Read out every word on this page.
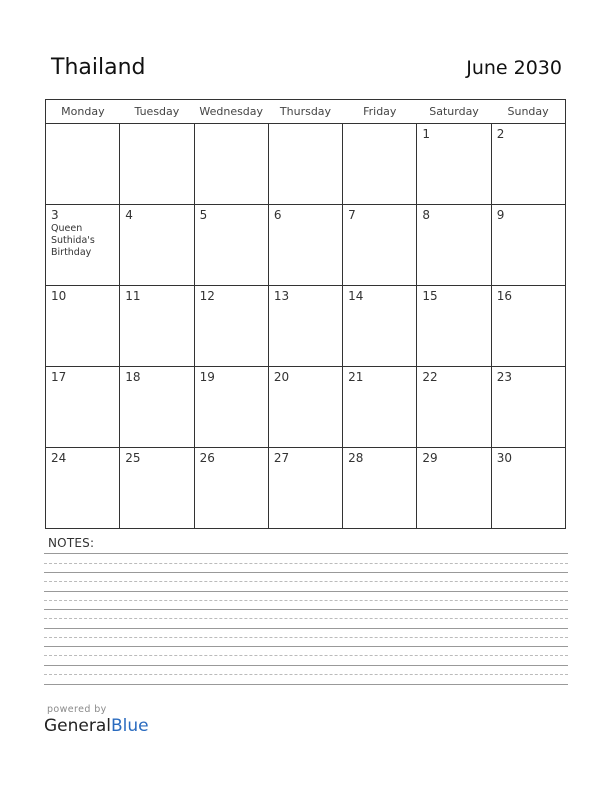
Thailand	June 2030
Monday	Tuesday	Wednesday	Thursday	Friday	Saturday	Sunday

					1	2

3
Queen
Suthida's
Birthday	4	5	6	7	8	9

10	11	12	13	14	15	16

17	18	19	20	21	22	23

24	25	26	27	28	29	30
NOTES:
powered by
GeneralBlue
